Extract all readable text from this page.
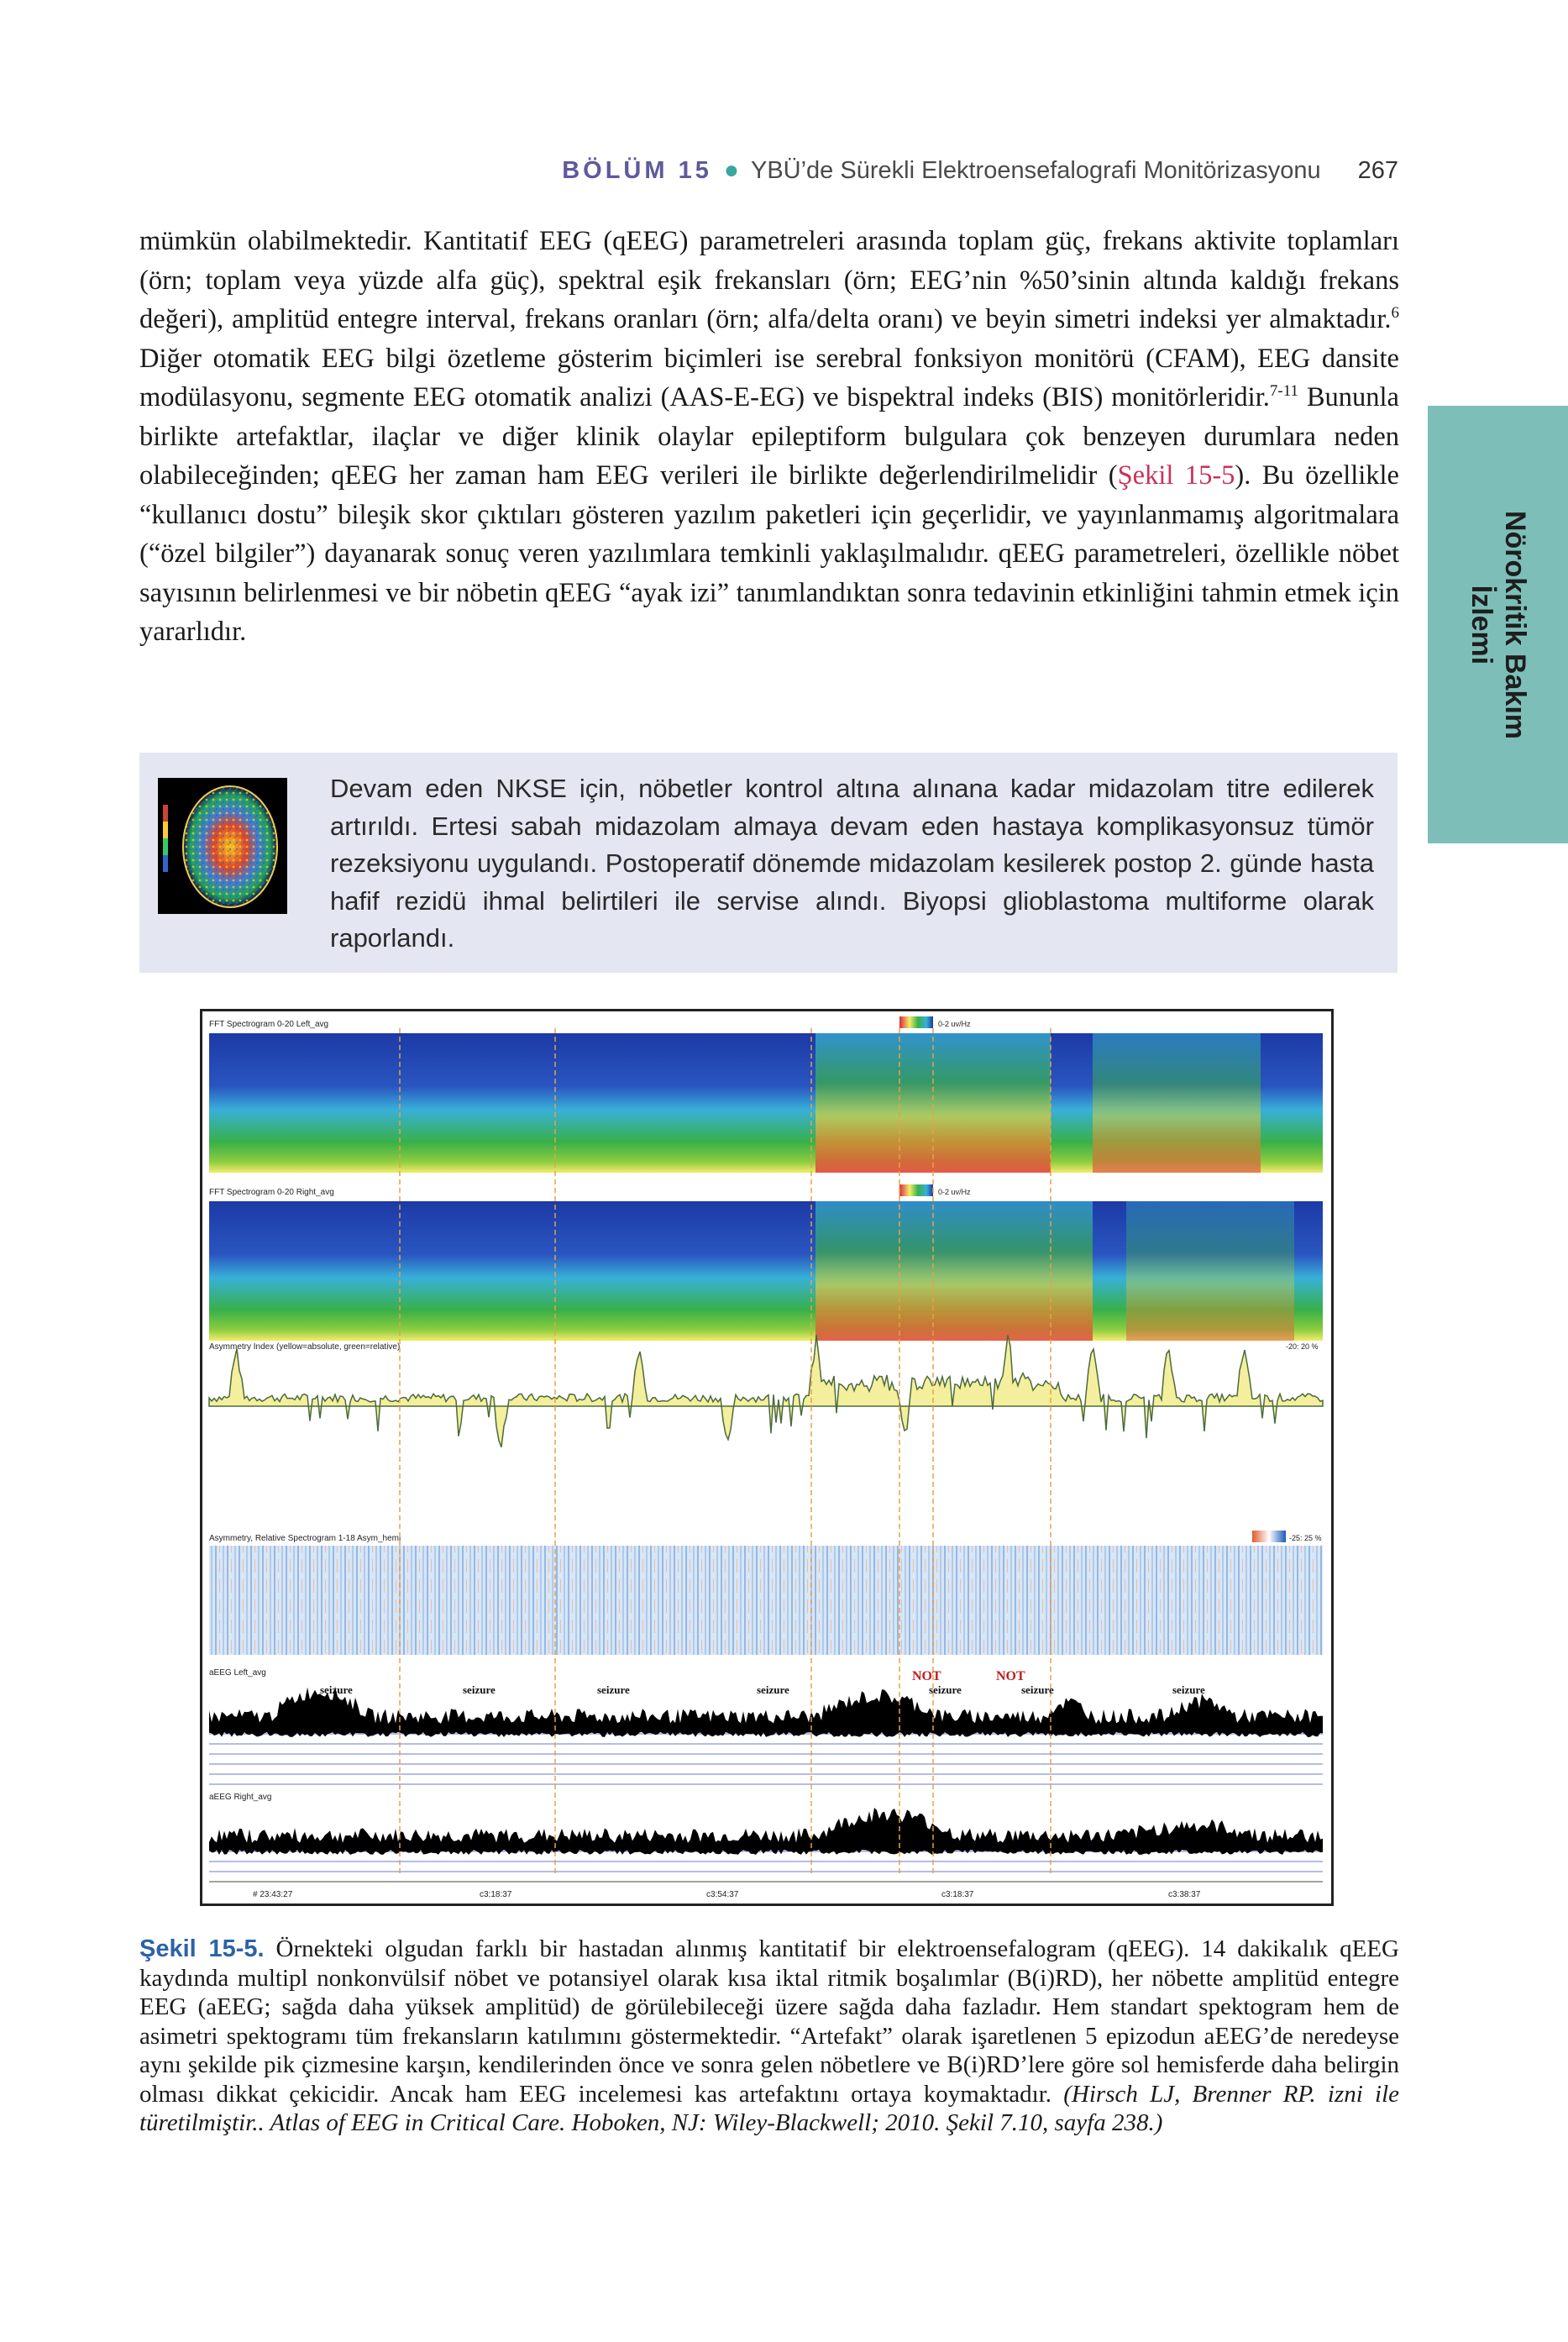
BÖLÜM 15 ● YBÜ’de Sürekli Elektroensefalografi Monitörizasyonu 267
Nörokritik Bakım
İzlemi

mümkün olabilmektedir. Kantitatif EEG (qEEG) parametreleri arasında toplam güç, frekans aktivite toplamları (örn; toplam veya yüzde alfa güç), spektral eşik frekansları (örn; EEG’nin %50’sinin altında kaldığı frekans değeri), amplitüd entegre interval, frekans oranları (örn; alfa/delta oranı) ve beyin simetri indeksi yer almaktadır.$^6$ Diğer otomatik EEG bilgi özetleme gösterim biçimleri ise serebral fonksiyon monitörü (CFAM), EEG dansite modülasyonu, segmente EEG otomatik analizi (AAS-E-EG) ve bispektral indeks (BIS) monitörleridir.$^{7-11}$ Bununla birlikte artefaktlar, ilaçlar ve diğer klinik olaylar epileptiform bulgulara çok benzeyen durumlara neden olabileceğinden; qEEG her zaman ham EEG verileri ile birlikte değerlendirilmelidir (Şekil 15-5). Bu özellikle “kullanıcı dostu” bileşik skor çıktıları gösteren yazılım paketleri için geçerlidir, ve yayınlanmamış algoritmalara (“özel bilgiler”) dayanarak sonuç veren yazılımlara temkinli yaklaşılmalıdır. qEEG parametreleri, özellikle nöbet sayısının belirlenmesi ve bir nöbetin qEEG “ayak izi” tanımlandıktan sonra tedavinin etkinliğini tahmin etmek için yararlıdır.

Devam eden NKSE için, nöbetler kontrol altına alınana kadar midazolam titre edilerek artırıldı. Ertesi sabah midazolam almaya devam eden hastaya komplikasyonsuz tümör rezeksiyonu uygulandı. Postoperatif dönemde midazolam kesilerek postop 2. günde hasta hafif rezidü ihmal belirtileri ile servise alındı. Biyopsi glioblastoma multiforme olarak raporlandı.
FFT Spectrogram 0-20 Left_avg	0-2 uv/Hz
FFT Spectrogram 0-20 Right_avg	0-2 uv/Hz
Asymmetry Index (yellow=absolute, green=relative)	-20: 20 %
Asymmetry, Relative Spectrogram 1-18 Asym_hemi	-25: 25 %
aEEG Left_avg
aEEG Right_avg
seizure	seizure	seizure	seizure	seizure	seizure	seizure
NOT	NOT
# 23:43:27	c3:18:37	c3:54:37	c3:18:37	c3:38:37
Şekil 15-5. Örnekteki olgudan farklı bir hastadan alınmış kantitatif bir elektroensefalogram (qEEG). 14 dakikalık qEEG kaydında multipl nonkonvülsif nöbet ve potansiyel olarak kısa iktal ritmik boşalımlar (B(i)RD), her nöbette amplitüd entegre EEG (aEEG; sağda daha yüksek amplitüd) de görülebileceği üzere sağda daha fazladır. Hem standart spektogram hem de asimetri spektogramı tüm frekansların katılımını göstermektedir. “Artefakt” olarak işaretlenen 5 epizodun aEEG’de neredeyse aynı şekilde pik çizmesine karşın, kendilerinden önce ve sonra gelen nöbetlere ve B(i)RD’lere göre sol hemisferde daha belirgin olması dikkat çekicidir. Ancak ham EEG incelemesi kas artefaktını ortaya koymaktadır. (Hirsch LJ, Brenner RP. izni ile türetilmiştir.. Atlas of EEG in Critical Care. Hoboken, NJ: Wiley-Blackwell; 2010. Şekil 7.10, sayfa 238.)
